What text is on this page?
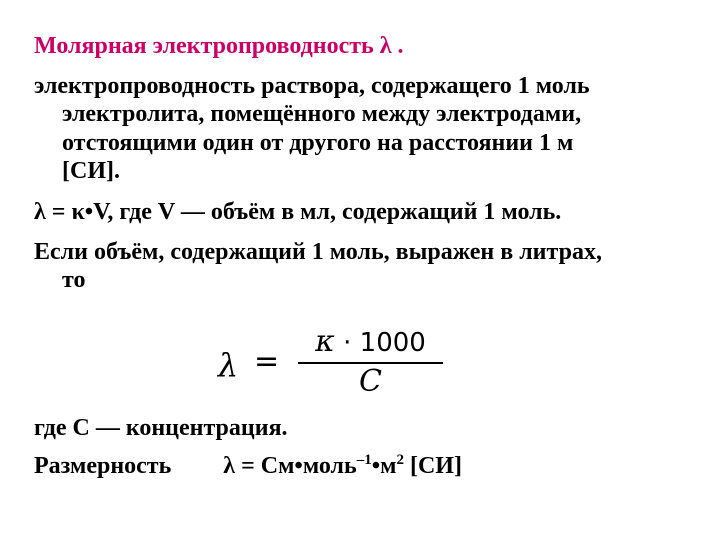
Молярная электропроводность λ .
электропроводность раствора, содержащего 1 моль
электролита, помещённого между электродами,
отстоящими один от другого на расстоянии 1 м
[СИ].
λ = κ•V, где V — объём в мл, содержащий 1 моль.
Если объём, содержащий 1 моль, выражен в литрах,
то
λ =
κ · 1000
C
где С — концентрация.
Размерность $\lambda = См•моль^{-1}•м^2$ [СИ]
